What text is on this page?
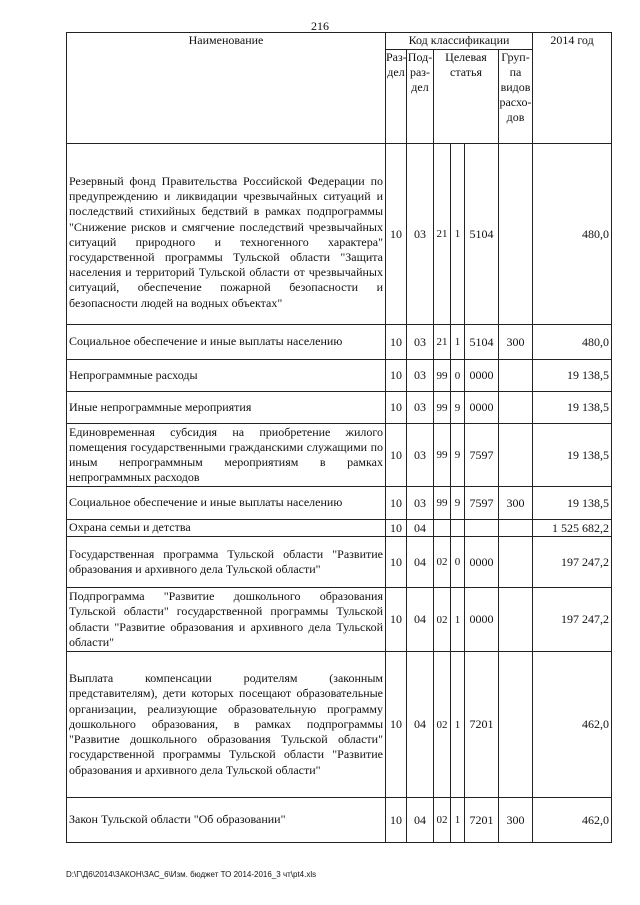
216
Наименование	Код классификации						2014 год
	Раз-дел	Под-раз-дел	Целевая статья			Груп-па видов расхо-дов	
Резервный фонд Правительства Российской Федерации по предупреждению и ликвидации чрезвычайных ситуаций и последствий стихийных бедствий в рамках подпрограммы "Снижение рисков и смягчение последствий чрезвычайных ситуаций природного и техногенного характера" государственной программы Тульской области "Защита населения и территорий Тульской области от чрезвычайных ситуаций, обеспечение пожарной безопасности и безопасности людей на водных объектах"	10	03	21	1	5104		480,0
Социальное обеспечение и иные выплаты населению	10	03	21	1	5104	300	480,0
Непрограммные расходы	10	03	99	0	0000		19 138,5
Иные непрограммные мероприятия	10	03	99	9	0000		19 138,5
Единовременная субсидия на приобретение жилого помещения государственными гражданскими служащими по иным непрограммным мероприятиям в рамках непрограммных расходов	10	03	99	9	7597		19 138,5
Социальное обеспечение и иные выплаты населению	10	03	99	9	7597	300	19 138,5
Охрана семьи и детства	10	04					1 525 682,2
Государственная программа Тульской области "Развитие образования и архивного дела Тульской области"	10	04	02	0	0000		197 247,2
Подпрограмма "Развитие дошкольного образования Тульской области" государственной программы Тульской области "Развитие образования и архивного дела Тульской области"	10	04	02	1	0000		197 247,2
Выплата компенсации родителям (законным представителям), дети которых посещают образовательные организации, реализующие образовательную программу дошкольного образования, в рамках подпрограммы "Развитие дошкольного образования Тульской области" государственной программы Тульской области "Развитие образования и архивного дела Тульской области"	10	04	02	1	7201		462,0
Закон Тульской области "Об образовании"	10	04	02	1	7201	300	462,0
D:\Г\Д6\2014\ЗАКОН\ЗАС_6\Изм. бюджет ТО 2014-2016_3 чт\pt4.xls
